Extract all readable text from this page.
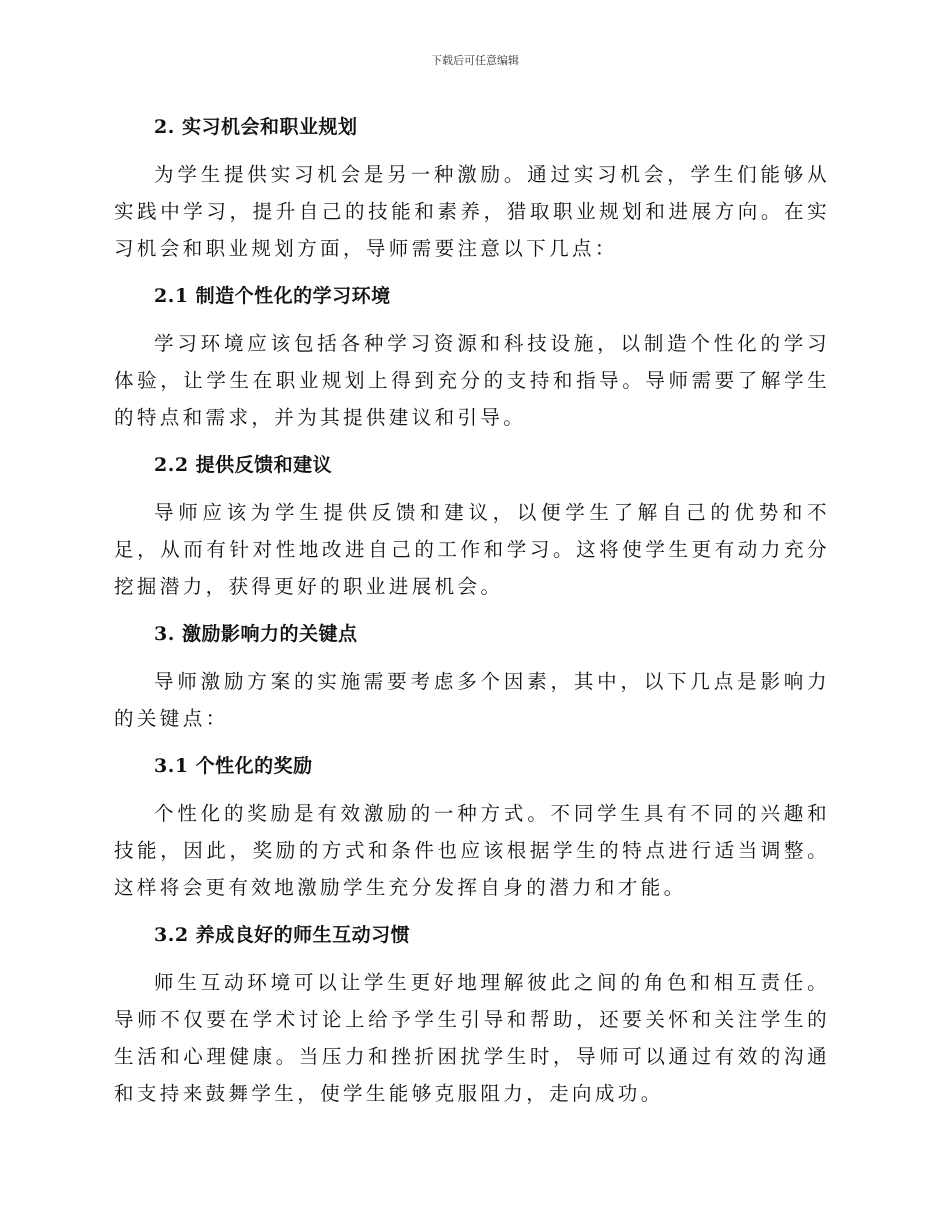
下载后可任意编辑
2. 实习机会和职业规划

为学生提供实习机会是另一种激励。通过实习机会，学生们能够从实践中学习，提升自己的技能和素养，猎取职业规划和进展方向。在实习机会和职业规划方面，导师需要注意以下几点：

2.1 制造个性化的学习环境

学习环境应该包括各种学习资源和科技设施，以制造个性化的学习体验，让学生在职业规划上得到充分的支持和指导。导师需要了解学生的特点和需求，并为其提供建议和引导。

2.2 提供反馈和建议

导师应该为学生提供反馈和建议，以便学生了解自己的优势和不足，从而有针对性地改进自己的工作和学习。这将使学生更有动力充分挖掘潜力，获得更好的职业进展机会。

3. 激励影响力的关键点

导师激励方案的实施需要考虑多个因素，其中，以下几点是影响力的关键点：

3.1 个性化的奖励

个性化的奖励是有效激励的一种方式。不同学生具有不同的兴趣和技能，因此，奖励的方式和条件也应该根据学生的特点进行适当调整。这样将会更有效地激励学生充分发挥自身的潜力和才能。

3.2 养成良好的师生互动习惯

师生互动环境可以让学生更好地理解彼此之间的角色和相互责任。导师不仅要在学术讨论上给予学生引导和帮助，还要关怀和关注学生的生活和心理健康。当压力和挫折困扰学生时，导师可以通过有效的沟通和支持来鼓舞学生，使学生能够克服阻力，走向成功。
